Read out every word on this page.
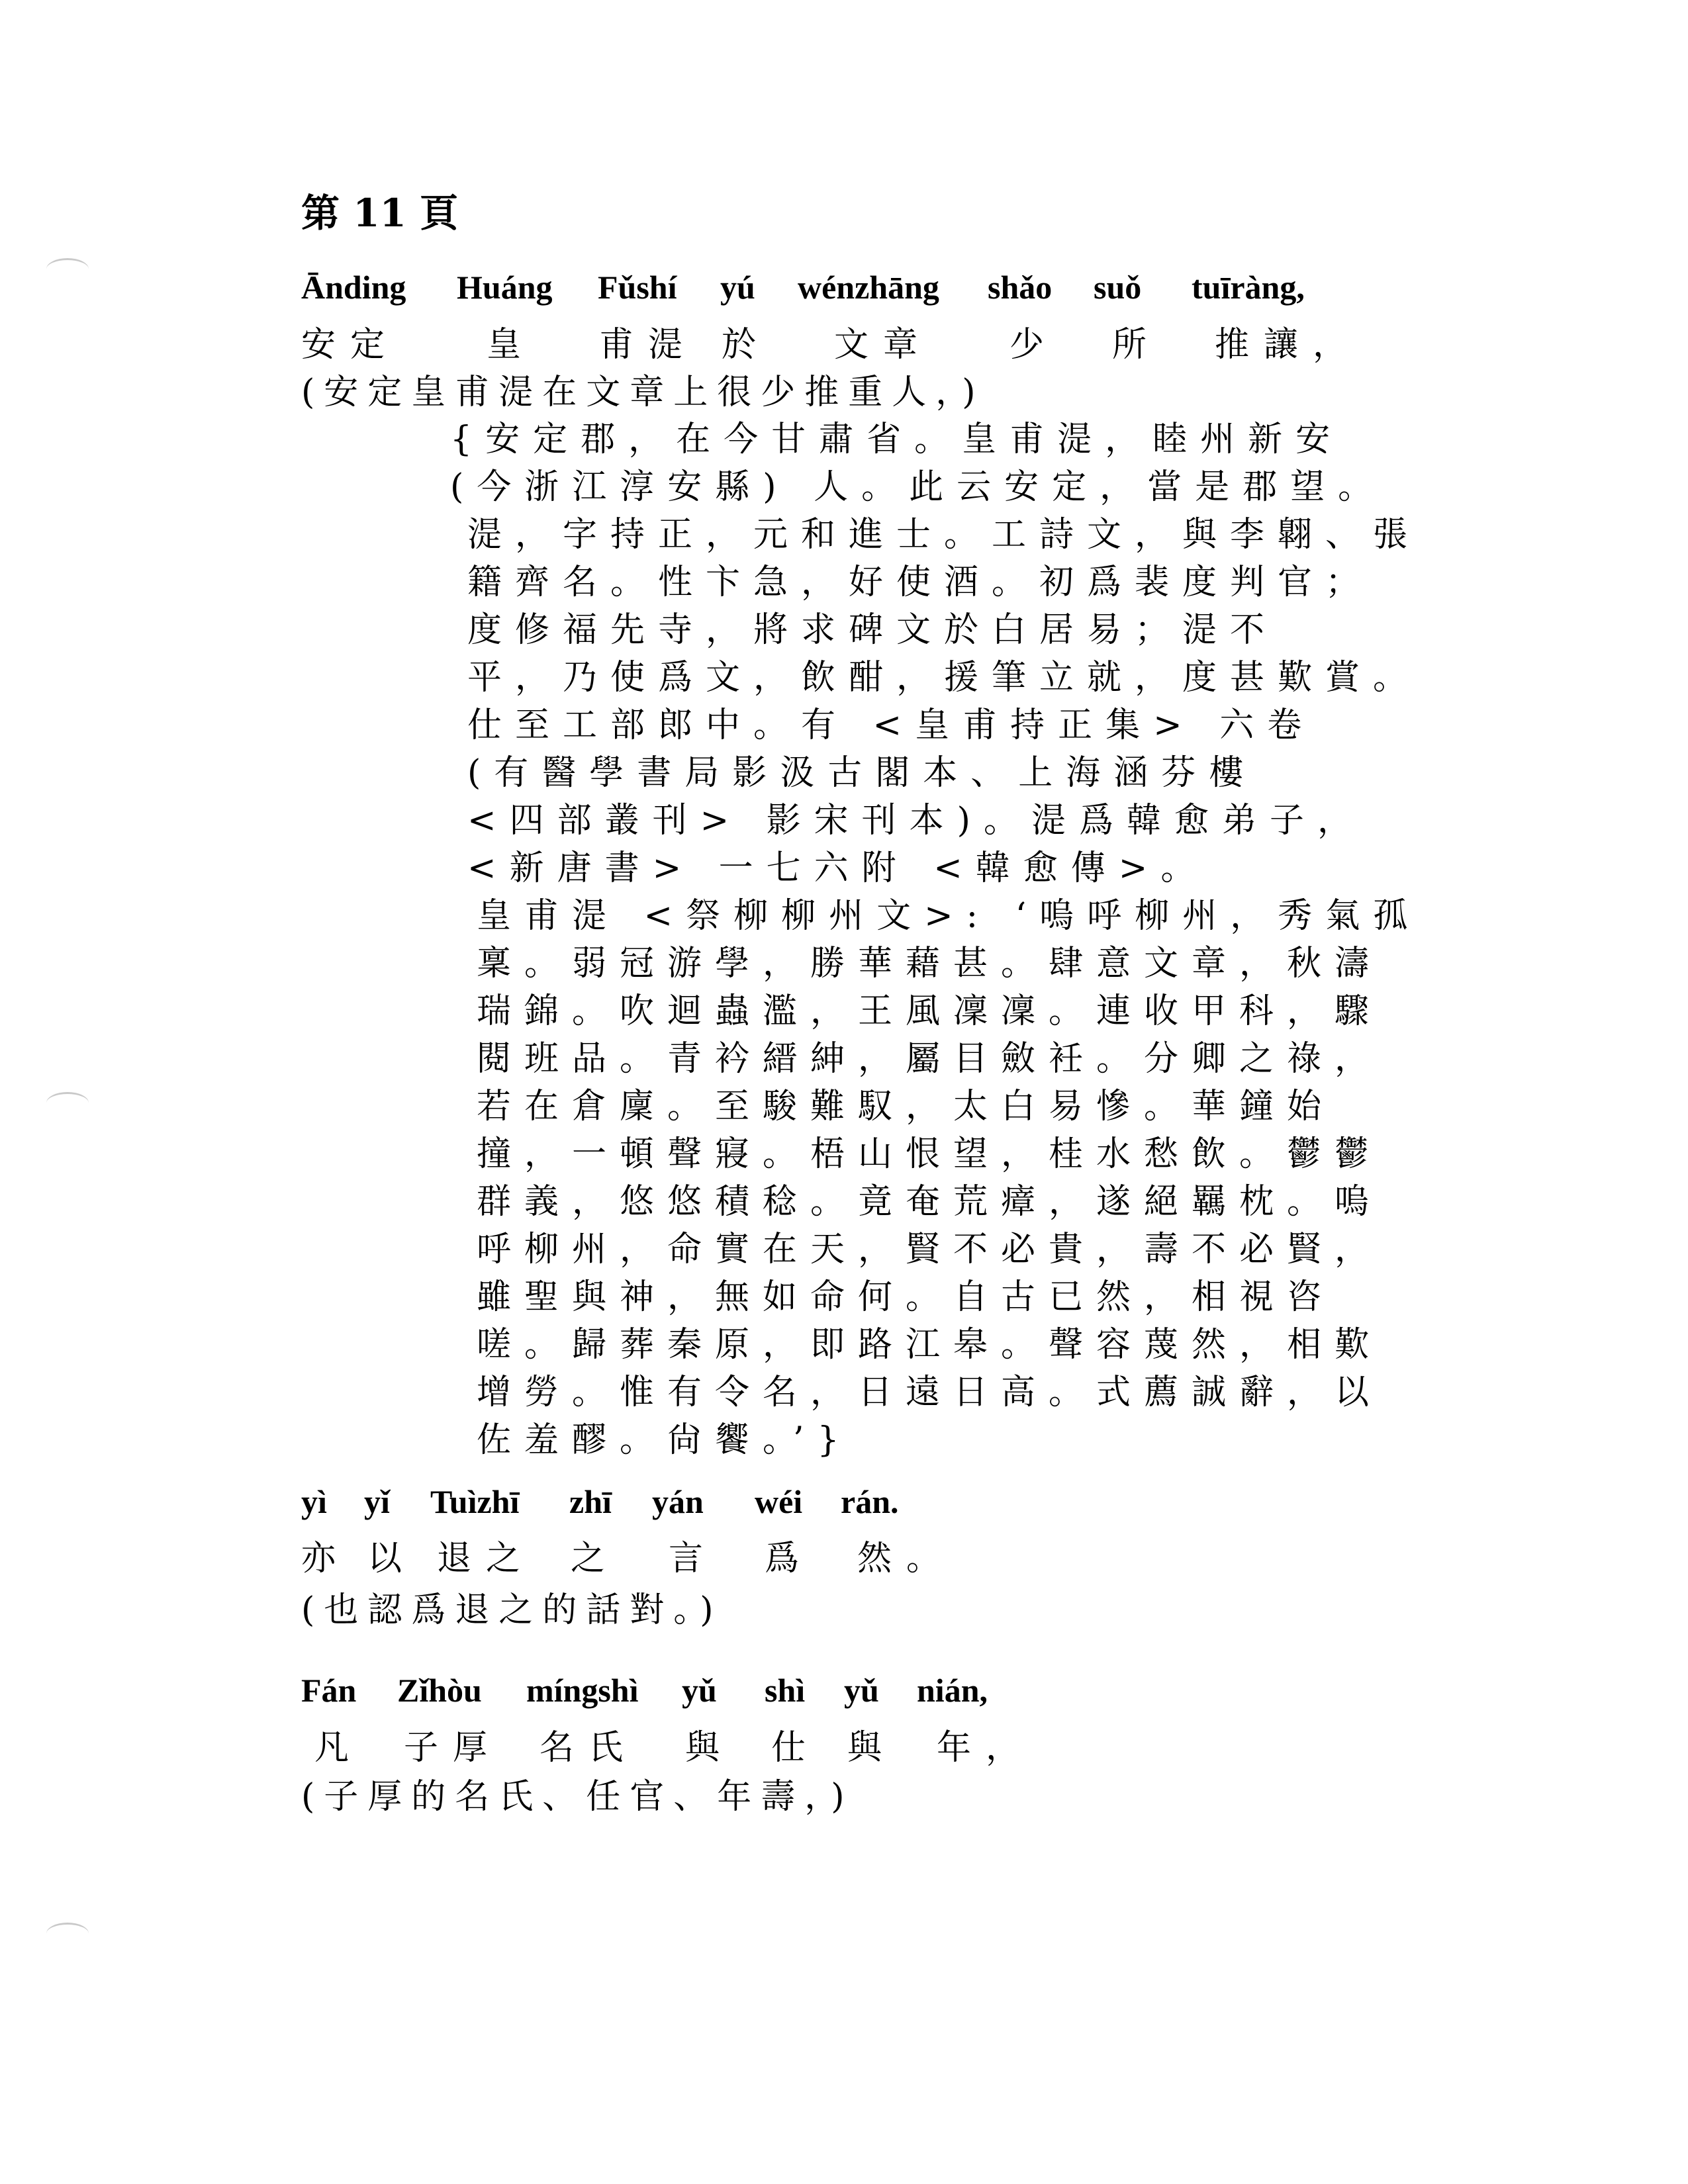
第 11 頁
Ānding Huáng Fǔshí yú wénzhāng shǎo suǒ tuīràng,
安定	皇 甫湜 於 文章 少 所 推讓，
(安定皇甫湜在文章上很少推重人，)
{安定郡，在今甘肅省。皇甫湜，睦州新安
(今浙江淳安縣) 人。此云安定，當是郡望。
湜，字持正，元和進士。工詩文，與李翺、張
籍齊名。性卞急，好使酒。初爲裴度判官；
度修福先寺，將求碑文於白居易；湜不
平，乃使爲文，飲酣，援筆立就，度甚歎賞。
仕至工部郎中。有 <皇甫持正集> 六卷
(有醫學書局影汲古閣本、上海涵芬樓
<四部叢刊> 影宋刊本)。湜爲韓愈弟子，
<新唐書> 一七六附 <韓愈傳>。
皇甫湜 <祭柳柳州文>: ‘嗚呼柳州，秀氣孤
稟。弱冠游學，勝華藉甚。肆意文章，秋濤
瑞錦。吹迴蟲濫，王風凜凜。連收甲科，驟
閱班品。青衿縉紳，屬目斂衽。分卿之祿，
若在倉廩。至駿難馭，太白易慘。華鐘始
撞，一頓聲寢。梧山恨望，桂水愁飲。鬱鬱
群義，悠悠積稔。竟奄荒瘴，遂絕羈枕。嗚
呼柳州，命實在天，賢不必貴，壽不必賢，
雖聖與神，無如命何。自古已然，相視咨
嗟。歸葬秦原，即路江皋。聲容蔑然，相歎
增勞。惟有令名，日遠日高。式薦誠辭，以
佐羞醪。尙饗。’}
yì yǐ Tuìzhī zhī yán wéi rán.
亦 以 退之 之 言 爲 然。
(也認爲退之的話對。)
Fán Zǐhòu míngshì yǔ shì yǔ nián,
凡 子厚 名氏 與 仕 與 年，
(子厚的名氏、任官、年壽，)
